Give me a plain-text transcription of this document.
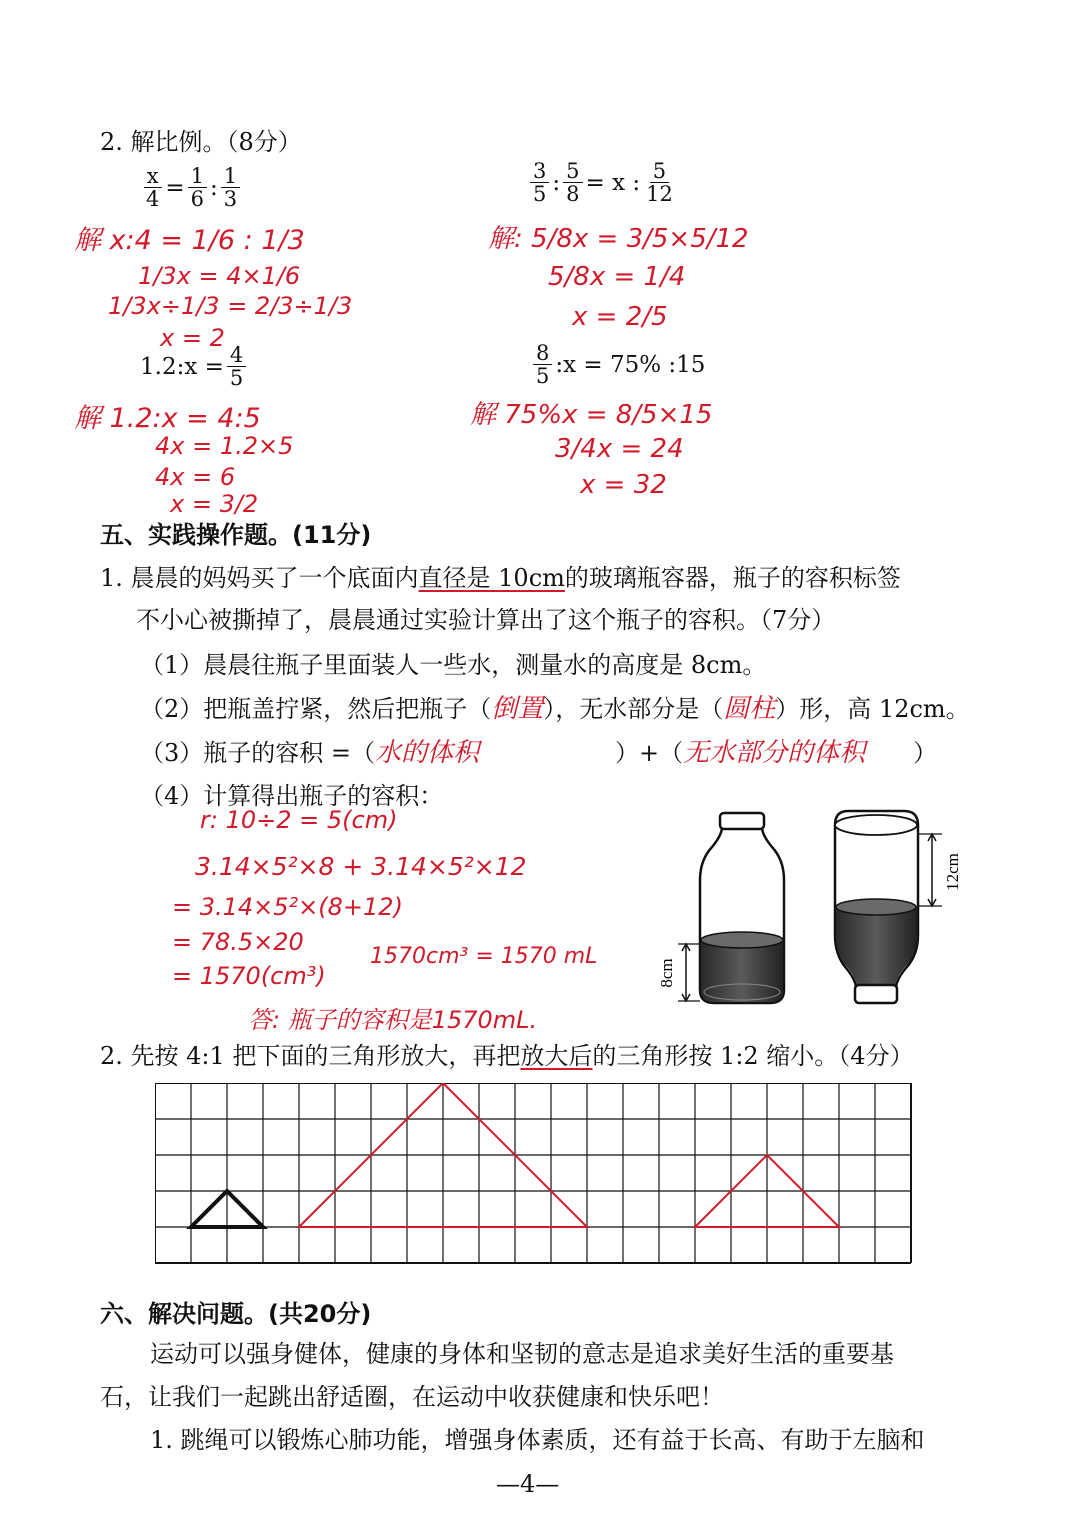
2. 解比例。（8分）
$\frac{x}{4} = \frac{1}{6}$ : $\frac{1}{3}$
解 x:4 = 1/6 : 1/3
1/3x = 4×1/6
1/3x÷1/3 = 2/3÷1/3
x = 2
$\frac{3}{5}$ : $\frac{5}{8} = x$ : $\frac{5}{12}$
解: 5/8x = 3/5×5/12
5/8x = 1/4
x = 2/5
1.2:x = $\frac{4}{5}$
解 1.2:x = 4:5
4x = 1.2×5
4x = 6
x = 3/2
$\frac{8}{5}$ :x = 75% :15
解 75%x = 8/5×15
3/4x = 24
x = 32
五、实践操作题。(11分)
1. 晨晨的妈妈买了一个底面内直径是 10cm的玻璃瓶容器，瓶子的容积标签
不小心被撕掉了，晨晨通过实验计算出了这个瓶子的容积。（7分）
（1）晨晨往瓶子里面装人一些水，测量水的高度是 8cm。
（2）把瓶盖拧紧，然后把瓶子（倒置），无水部分是（圆柱）形，高 12cm。
（3）瓶子的容积 =（水的体积	）+（无水部分的体积 ）
（4）计算得出瓶子的容积：
r: 10÷2 = 5(cm)
3.14×5²×8 + 3.14×5²×12
= 3.14×5²×(8+12)
= 78.5×20
= 1570(cm³)
1570cm³ = 1570 mL
答: 瓶子的容积是1570mL.
8cm
12cm
2. 先按 4:1 把下面的三角形放大，再把放大后的三角形按 1:2 缩小。（4分）
六、解决问题。(共20分)
运动可以强身健体，健康的身体和坚韧的意志是追求美好生活的重要基
石，让我们一起跳出舒适圈，在运动中收获健康和快乐吧！
1. 跳绳可以锻炼心肺功能，增强身体素质，还有益于长高、有助于左脑和
—4—
